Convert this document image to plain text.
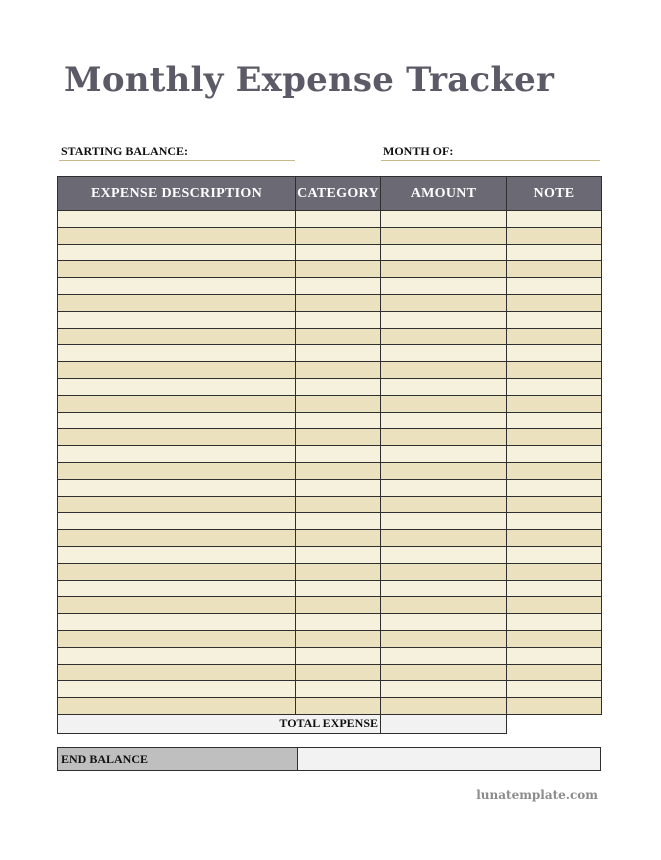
Monthly Expense Tracker
STARTING BALANCE:	MONTH OF:
EXPENSE DESCRIPTION	CATEGORY	AMOUNT	NOTE

TOTAL EXPENSE			
END BALANCE
lunatemplate.com
